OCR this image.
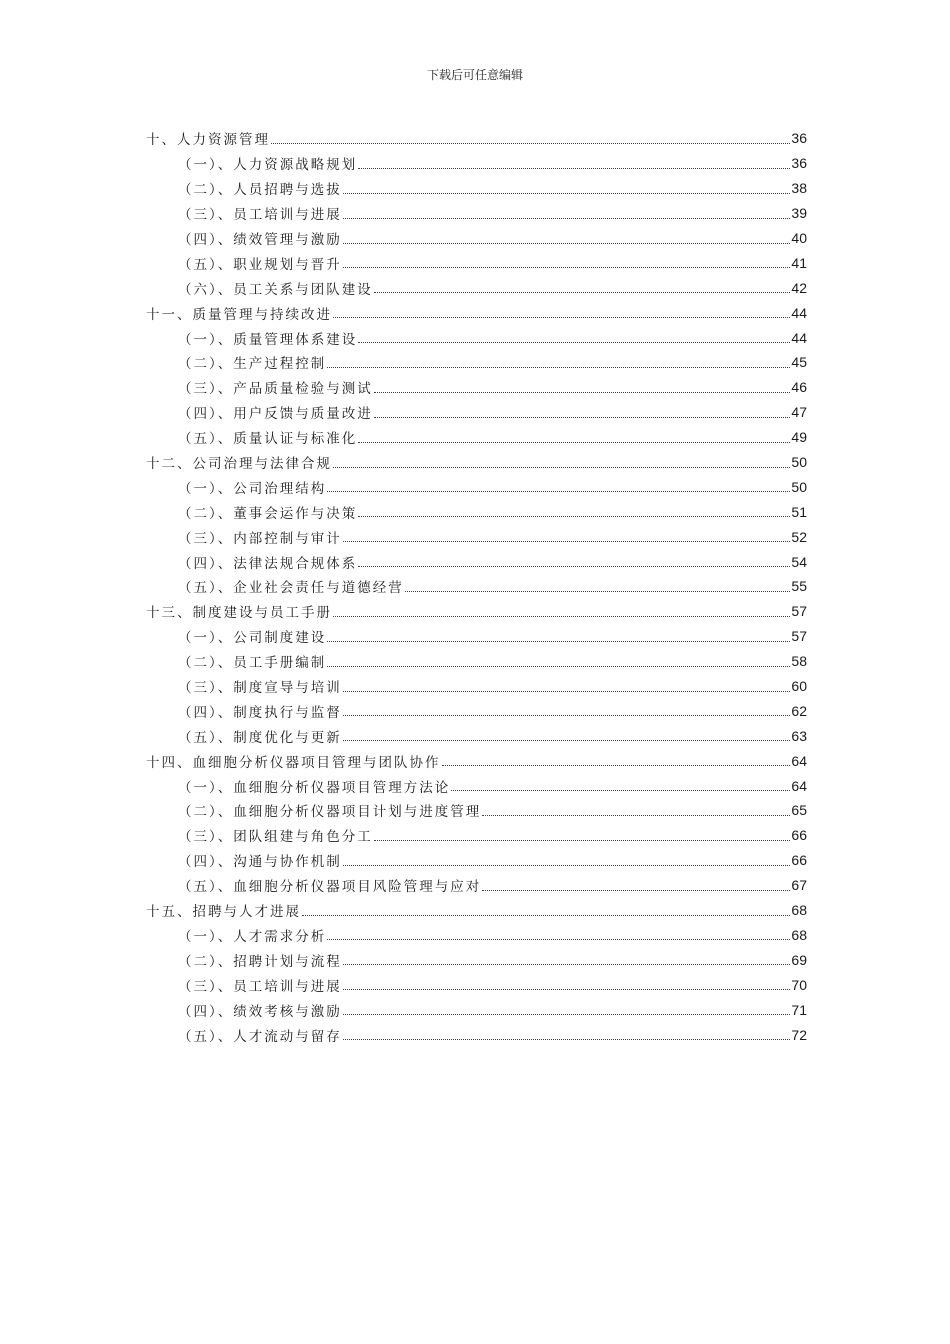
下载后可任意编辑
十、人力资源管理	36
（一）、人力资源战略规划	36
（二）、人员招聘与选拔	38
（三）、员工培训与进展	39
（四）、绩效管理与激励	40
（五）、职业规划与晋升	41
（六）、员工关系与团队建设	42
十一、质量管理与持续改进	44
（一）、质量管理体系建设	44
（二）、生产过程控制	45
（三）、产品质量检验与测试	46
（四）、用户反馈与质量改进	47
（五）、质量认证与标准化	49
十二、公司治理与法律合规	50
（一）、公司治理结构	50
（二）、董事会运作与决策	51
（三）、内部控制与审计	52
（四）、法律法规合规体系	54
（五）、企业社会责任与道德经营	55
十三、制度建设与员工手册	57
（一）、公司制度建设	57
（二）、员工手册编制	58
（三）、制度宣导与培训	60
（四）、制度执行与监督	62
（五）、制度优化与更新	63
十四、血细胞分析仪器项目管理与团队协作	64
（一）、血细胞分析仪器项目管理方法论	64
（二）、血细胞分析仪器项目计划与进度管理	65
（三）、团队组建与角色分工	66
（四）、沟通与协作机制	66
（五）、血细胞分析仪器项目风险管理与应对	67
十五、招聘与人才进展	68
（一）、人才需求分析	68
（二）、招聘计划与流程	69
（三）、员工培训与进展	70
（四）、绩效考核与激励	71
（五）、人才流动与留存	72
